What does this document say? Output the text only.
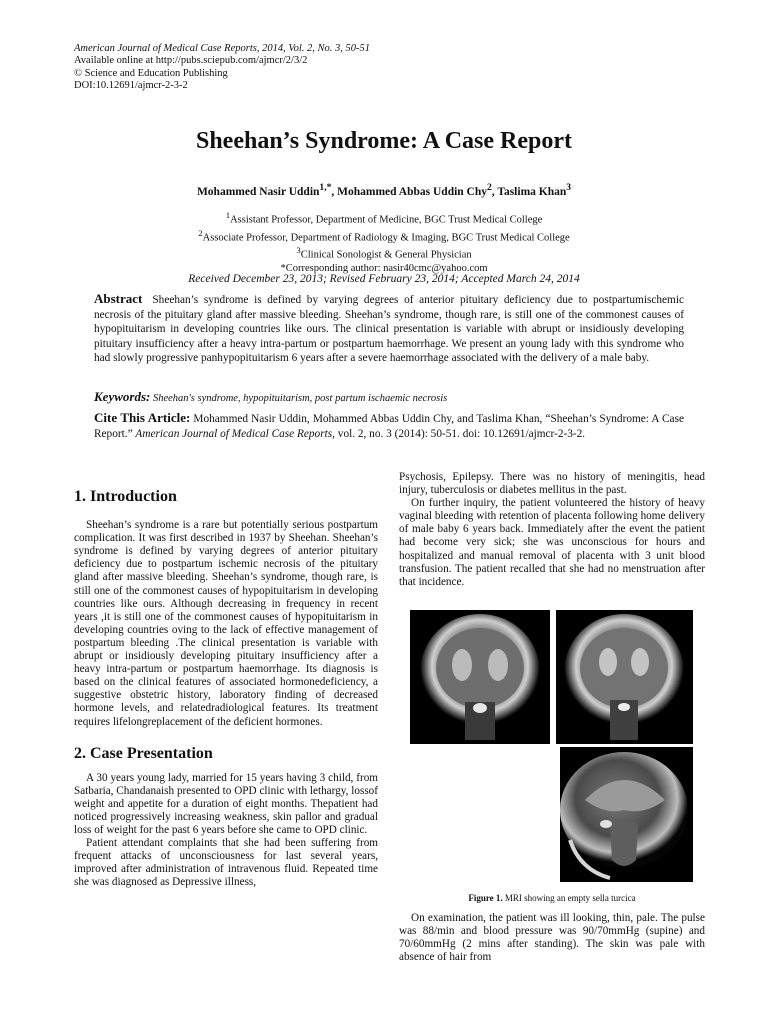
American Journal of Medical Case Reports, 2014, Vol. 2, No. 3, 50-51
Available online at http://pubs.sciepub.com/ajmcr/2/3/2
© Science and Education Publishing
DOI:10.12691/ajmcr-2-3-2
Sheehan’s Syndrome: A Case Report
Mohammed Nasir Uddin$^{1,*}$, Mohammed Abbas Uddin Chy$^2$, Taslima Khan$^3$
$^1$Assistant Professor, Department of Medicine, BGC Trust Medical College
$^2$Associate Professor, Department of Radiology & Imaging, BGC Trust Medical College
$^3$Clinical Sonologist & General Physician
*Corresponding author: nasir40cmc@yahoo.com
Received December 23, 2013; Revised February 23, 2014; Accepted March 24, 2014
Abstract Sheehan’s syndrome is defined by varying degrees of anterior pituitary deficiency due to postpartumischemic necrosis of the pituitary gland after massive bleeding. Sheehan’s syndrome, though rare, is still one of the commonest causes of hypopituitarism in developing countries like ours. The clinical presentation is variable with abrupt or insidiously developing pituitary insufficiency after a heavy intra-partum or postpartum haemorrhage. We present an young lady with this syndrome who had slowly progressive panhypopituitarism 6 years after a severe haemorrhage associated with the delivery of a male baby.
Keywords: Sheehan's syndrome, hypopituitarism, post partum ischaemic necrosis
Cite This Article: Mohammed Nasir Uddin, Mohammed Abbas Uddin Chy, and Taslima Khan, “Sheehan’s Syndrome: A Case Report.” American Journal of Medical Case Reports, vol. 2, no. 3 (2014): 50-51. doi: 10.12691/ajmcr-2-3-2.
1. Introduction

Sheehan’s syndrome is a rare but potentially serious postpartum complication. It was first described in 1937 by Sheehan. Sheehan’s syndrome is defined by varying degrees of anterior pituitary deficiency due to postpartum ischemic necrosis of the pituitary gland after massive bleeding. Sheehan’s syndrome, though rare, is still one of the commonest causes of hypopituitarism in developing countries like ours. Although decreasing in frequency in recent years ,it is still one of the commonest causes of hypopituitarism in developing countries oving to the lack of effective management of postpartum bleeding .The clinical presentation is variable with abrupt or insidiously developing pituitary insufficiency after a heavy intra-partum or postpartum haemorrhage. Its diagnosis is based on the clinical features of associated hormonedeficiency, a suggestive obstetric history, laboratory finding of decreased hormone levels, and relatedradiological features. Its treatment requires lifelongreplacement of the deficient hormones.

2. Case Presentation

A 30 years young lady, married for 15 years having 3 child, from Satbaria, Chandanaish presented to OPD clinic with lethargy, lossof weight and appetite for a duration of eight months. Thepatient had noticed progressively increasing weakness, skin pallor and gradual loss of weight for the past 6 years before she came to OPD clinic.

Patient attendant complaints that she had been suffering from frequent attacks of unconsciousness for last several years, improved after administration of intravenous fluid. Repeated time she was diagnosed as Depressive illness,

Psychosis, Epilepsy. There was no history of meningitis, head injury, tuberculosis or diabetes mellitus in the past.

On further inquiry, the patient volunteered the history of heavy vaginal bleeding with retention of placenta following home delivery of male baby 6 years back. Immediately after the event the patient had become very sick; she was unconscious for hours and hospitalized and manual removal of placenta with 3 unit blood transfusion. The patient recalled that she had no menstruation after that incidence.

Figure 1. MRI showing an empty sella turcica

On examination, the patient was ill looking, thin, pale. The pulse was 88/min and blood pressure was 90/70mmHg (supine) and 70/60mmHg (2 mins after standing). The skin was pale with absence of hair from
